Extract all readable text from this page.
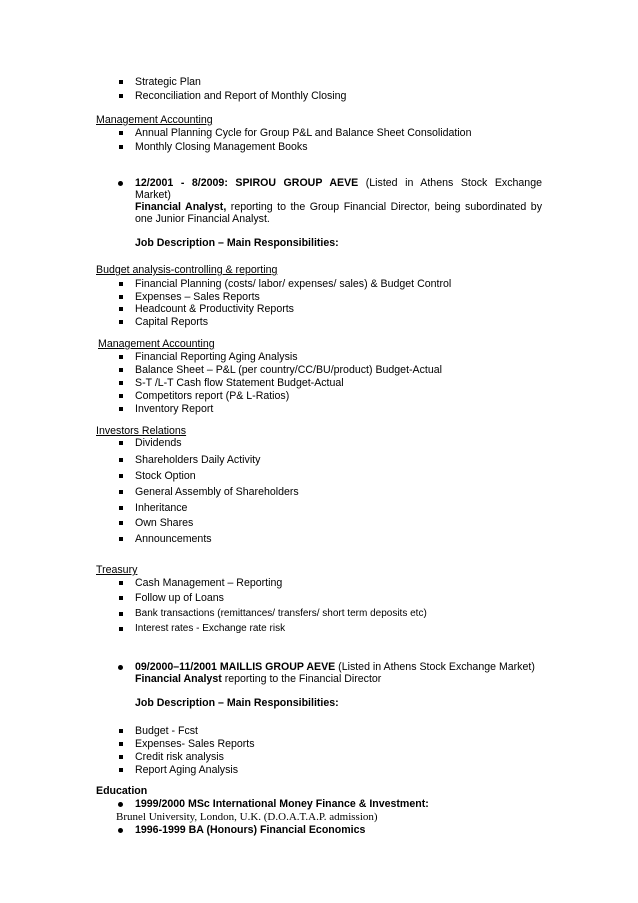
Strategic Plan
Reconciliation and Report of Monthly Closing
Management Accounting
Annual Planning Cycle for Group P&L and Balance Sheet Consolidation
Monthly Closing Management Books
12/2001 - 8/2009: SPIROU GROUP AEVE (Listed in Athens Stock Exchange
Market)
Financial Analyst, reporting to the Group Financial Director, being subordinated by
one Junior Financial Analyst.
Job Description – Main Responsibilities:
Budget analysis-controlling & reporting
Financial Planning (costs/ labor/ expenses/ sales) & Budget Control
Expenses – Sales Reports
Headcount & Productivity Reports
Capital Reports
Management Accounting
Financial Reporting Aging Analysis
Balance Sheet – P&L (per country/CC/BU/product) Budget-Actual
S-T /L-T Cash flow Statement Budget-Actual
Competitors report (P& L-Ratios)
Inventory Report
Investors Relations
Dividends
Shareholders Daily Activity
Stock Option
General Assembly of Shareholders
Inheritance
Own Shares
Announcements
Treasury
Cash Management – Reporting
Follow up of Loans
Bank transactions (remittances/ transfers/ short term deposits etc)
Interest rates - Exchange rate risk
09/2000–11/2001 MAILLIS GROUP AEVE (Listed in Athens Stock Exchange Market)
Financial Analyst reporting to the Financial Director
Job Description – Main Responsibilities:
Budget - Fcst
Expenses- Sales Reports
Credit risk analysis
Report Aging Analysis
Education
1999/2000 MSc International Money Finance & Investment:
Brunel University, London, U.K. (D.O.A.T.A.P. admission)
1996-1999 BA (Honours) Financial Economics
